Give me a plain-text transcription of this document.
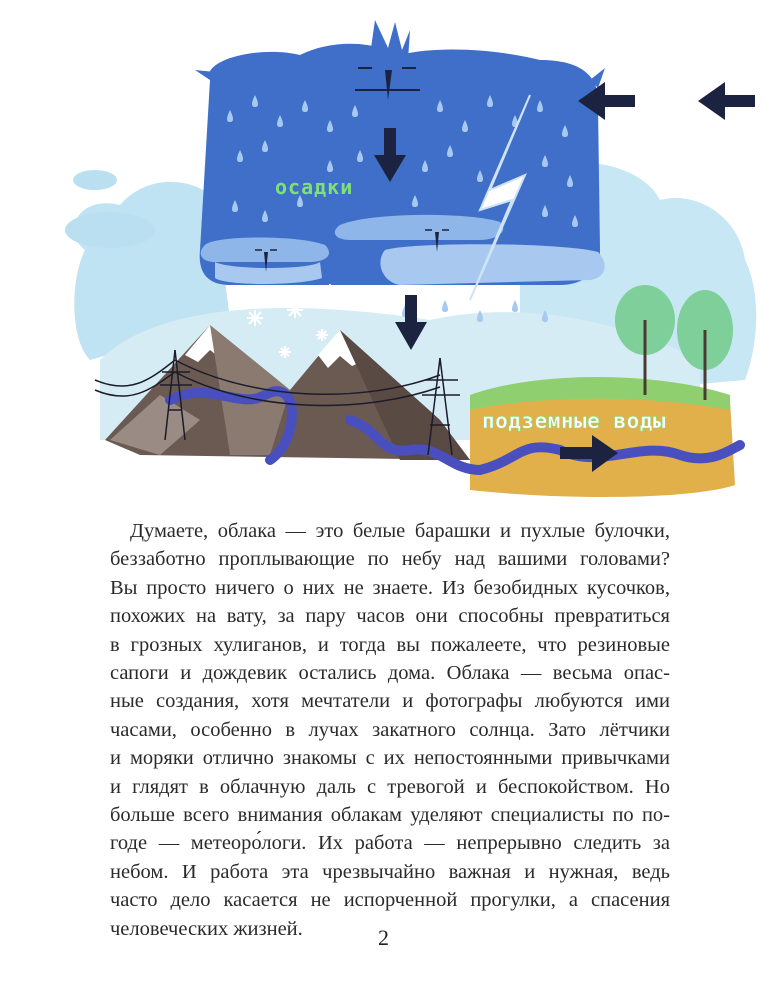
осадки
подземные воды
Думаете, облака — это белые барашки и пухлые булочки,
беззаботно проплывающие по небу над вашими головами?
Вы просто ничего о них не знаете. Из безобидных кусочков,
похожих на вату, за пару часов они способны превратиться
в грозных хулиганов, и тогда вы пожалеете, что резиновые
сапоги и дождевик остались дома. Облака — весьма опас-
ные создания, хотя мечтатели и фотографы любуются ими
часами, особенно в лучах закатного солнца. Зато лётчики
и моряки отлично знакомы с их непостоянными привычками
и глядят в облачную даль с тревогой и беспокойством. Но
больше всего внимания облакам уделяют специалисты по по-
годе — метеоро́логи. Их работа — непрерывно следить за
небом. И работа эта чрезвычайно важная и нужная, ведь
часто дело касается не испорченной прогулки, а спасения
человеческих жизней.	2
